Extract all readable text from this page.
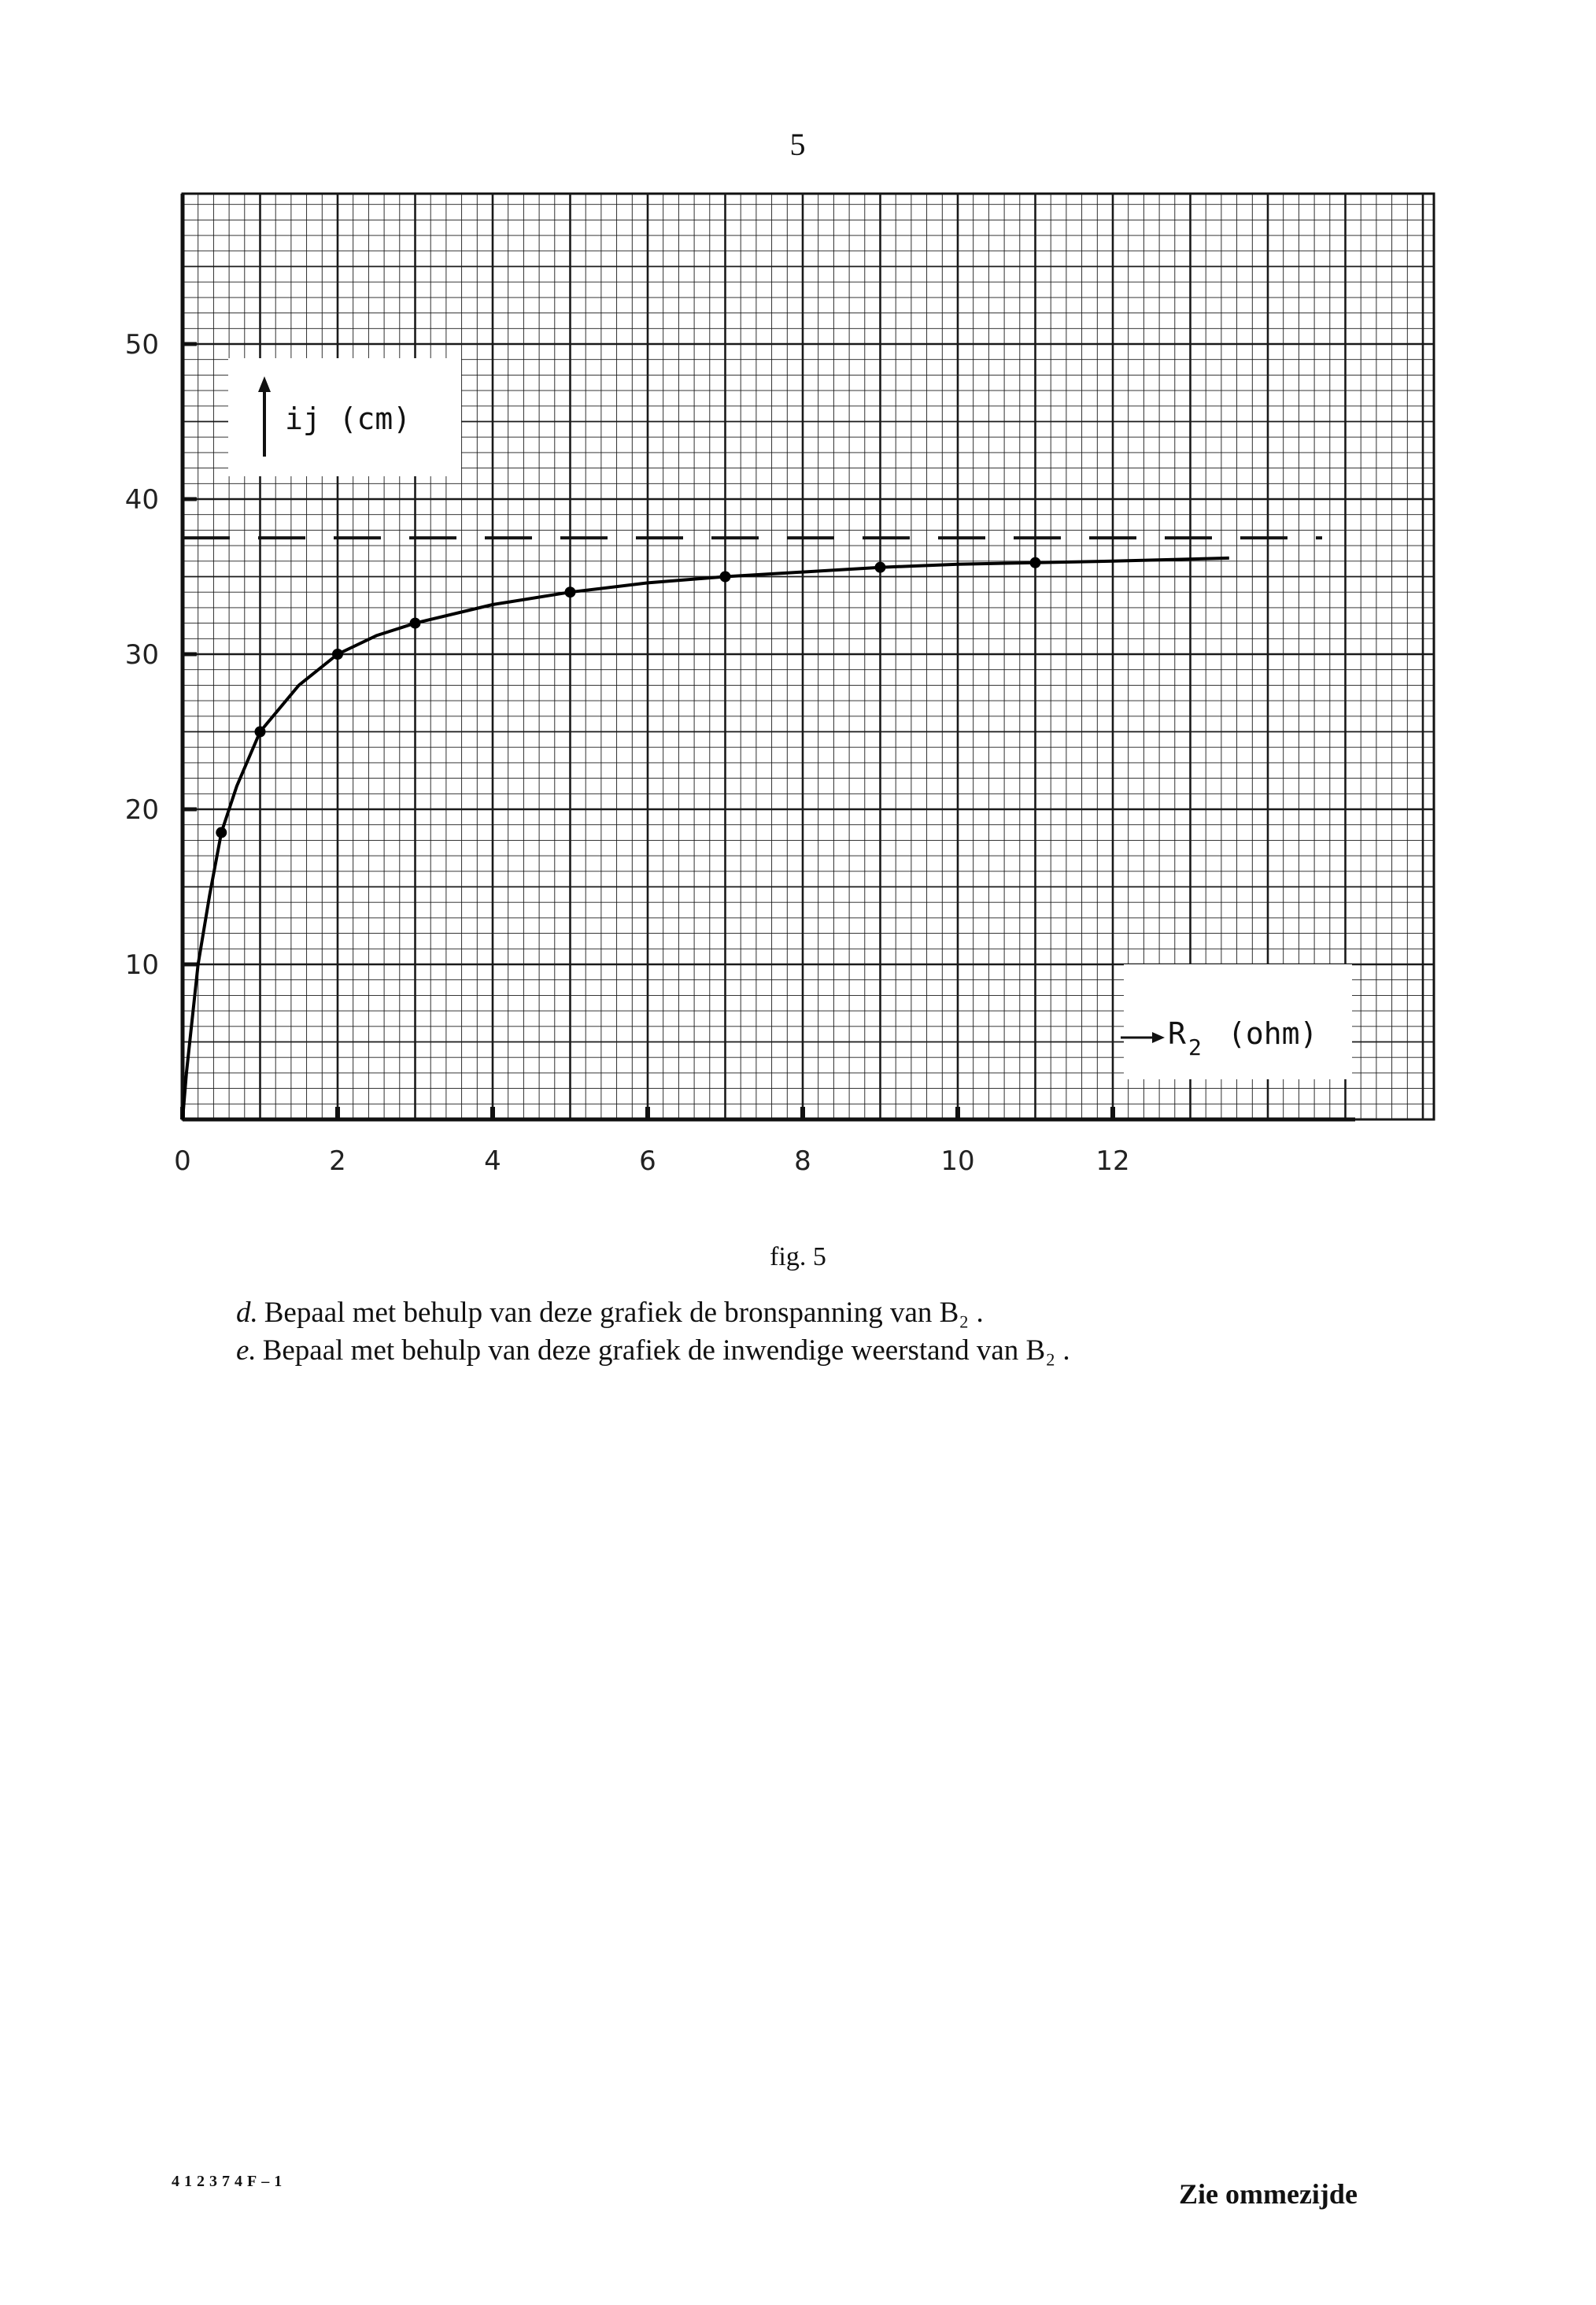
5
0	2	4	6	8	10	12
10
20
30
40
50
ij (cm)
R 2 (ohm)
fig. 5
d. Bepaal met behulp van deze grafiek de bronspanning van B₂ .
e. Bepaal met behulp van deze grafiek de inwendige weerstand van B₂ .
412374F–1	Zie ommezijde
